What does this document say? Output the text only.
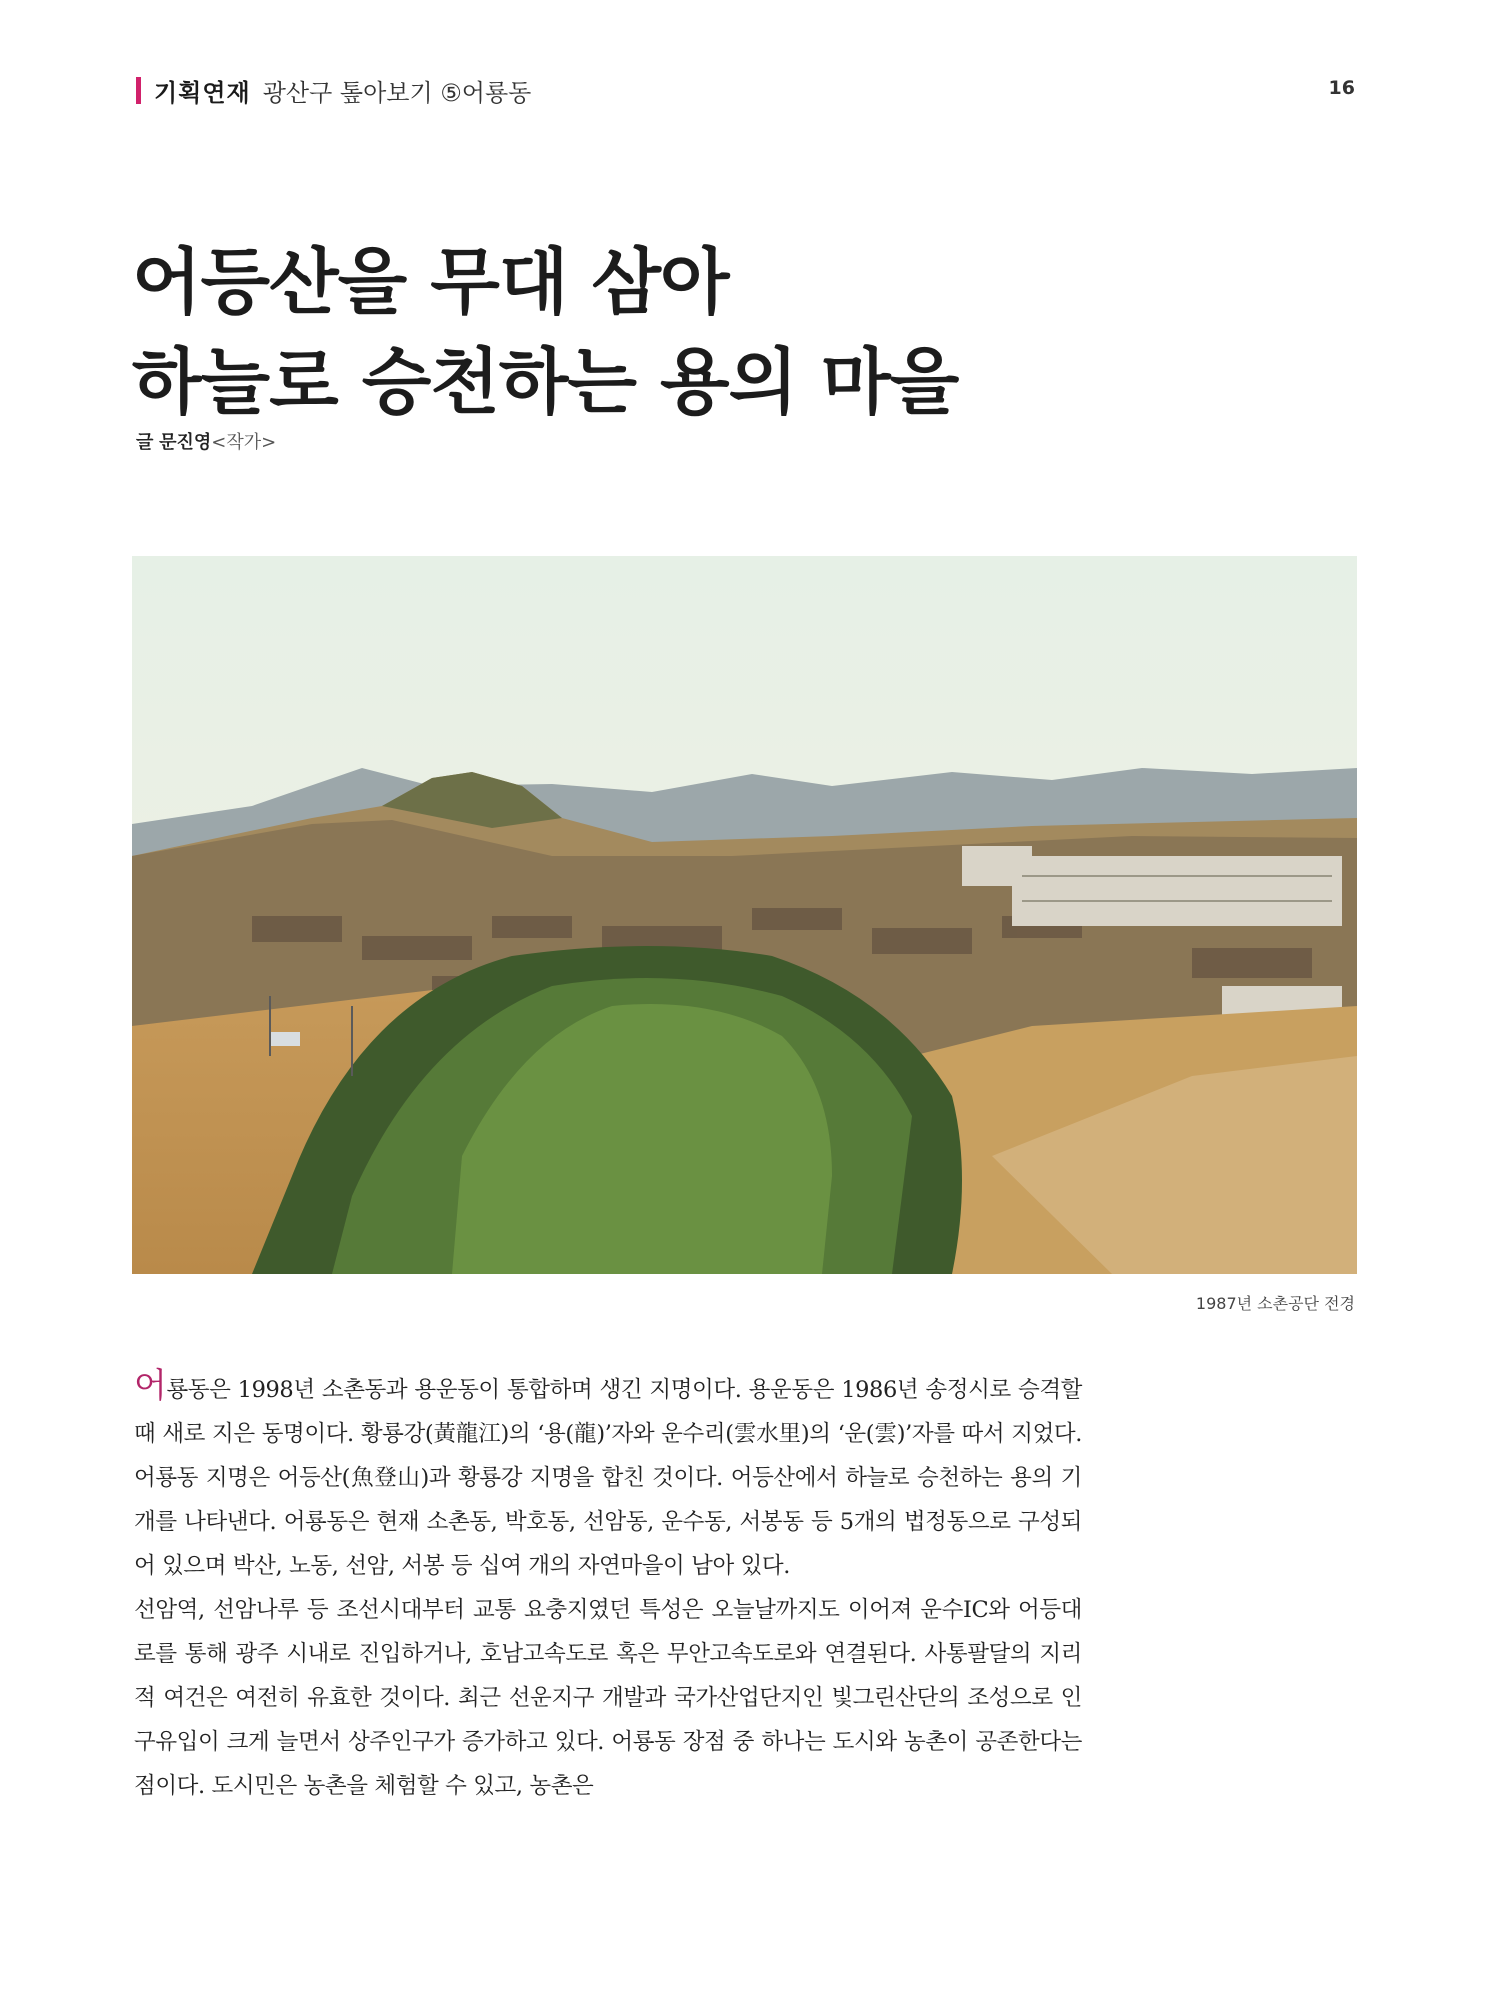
기획연재 광산구 톺아보기 ⑤어룡동	16
어등산을 무대 삼아
하늘로 승천하는 용의 마을
글 문진영<작가>
1987년 소촌공단 전경

어룡동은 1998년 소촌동과 용운동이 통합하며 생긴 지명이다. 용운동은 1986년 송정시로 승격할 때 새로 지은 동명이다. 황룡강(黃龍江)의 ‘용(龍)’자와 운수리(雲水里)의 ‘운(雲)’자를 따서 지었다. 어룡동 지명은 어등산(魚登山)과 황룡강 지명을 합친 것이다. 어등산에서 하늘로 승천하는 용의 기개를 나타낸다. 어룡동은 현재 소촌동, 박호동, 선암동, 운수동, 서봉동 등 5개의 법정동으로 구성되어 있으며 박산, 노동, 선암, 서봉 등 십여 개의 자연마을이 남아 있다.

선암역, 선암나루 등 조선시대부터 교통 요충지였던 특성은 오늘날까지도 이어져 운수IC와 어등대로를 통해 광주 시내로 진입하거나, 호남고속도로 혹은 무안고속도로와 연결된다. 사통팔달의 지리적 여건은 여전히 유효한 것이다. 최근 선운지구 개발과 국가산업단지인 빛그린산단의 조성으로 인구유입이 크게 늘면서 상주인구가 증가하고 있다. 어룡동 장점 중 하나는 도시와 농촌이 공존한다는 점이다. 도시민은 농촌을 체험할 수 있고, 농촌은
